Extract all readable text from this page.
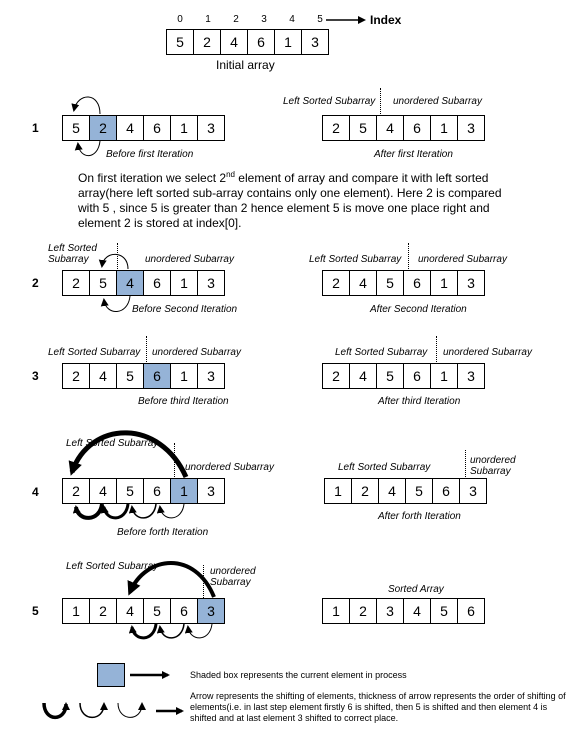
0	1	2	3	4	5	Index
5	2	4	6	1	3
Initial array
1	5	2	4	6	1	3
Before first Iteration
Left Sorted Subarray unordered Subarray
2	5	4	6	1	3
After first Iteration
On first iteration we select 2nd element of array and compare it with left sorted array(here left sorted sub-array contains only one element). Here 2 is compared with 5 , since 5 is greater than 2 hence element 5 is move one place right and element 2 is stored at index[0].
2
Left Sorted Subarray	unordered Subarray
2	5	4	6	1	3
Before Second Iteration
Left Sorted Subarray unordered Subarray
2	4	5	6	1	3
After Second Iteration
3
Left Sorted Subarray unordered Subarray
2	4	5	6	1	3
Before third Iteration
Left Sorted Subarray unordered Subarray
2	4	5	6	1	3
After third Iteration
4
Left Sorted Subarray
unordered Subarray
2	4	5	6	1	3
Before forth Iteration
Left Sorted Subarray
unordered Subarray
1	2	4	5	6	3
After forth Iteration
5
Left Sorted Subarray	unordered Subarray
1	2	4	5	6	3
Sorted Array
1	2	3	4	5	6
Shaded box represents the current element in process
Arrow represents the shifting of elements, thickness of arrow represents the order of shifting of elements(i.e. in last step element firstly 6 is shifted, then 5 is shifted and then element 4 is shifted and at last element 3 shifted to correct place.
